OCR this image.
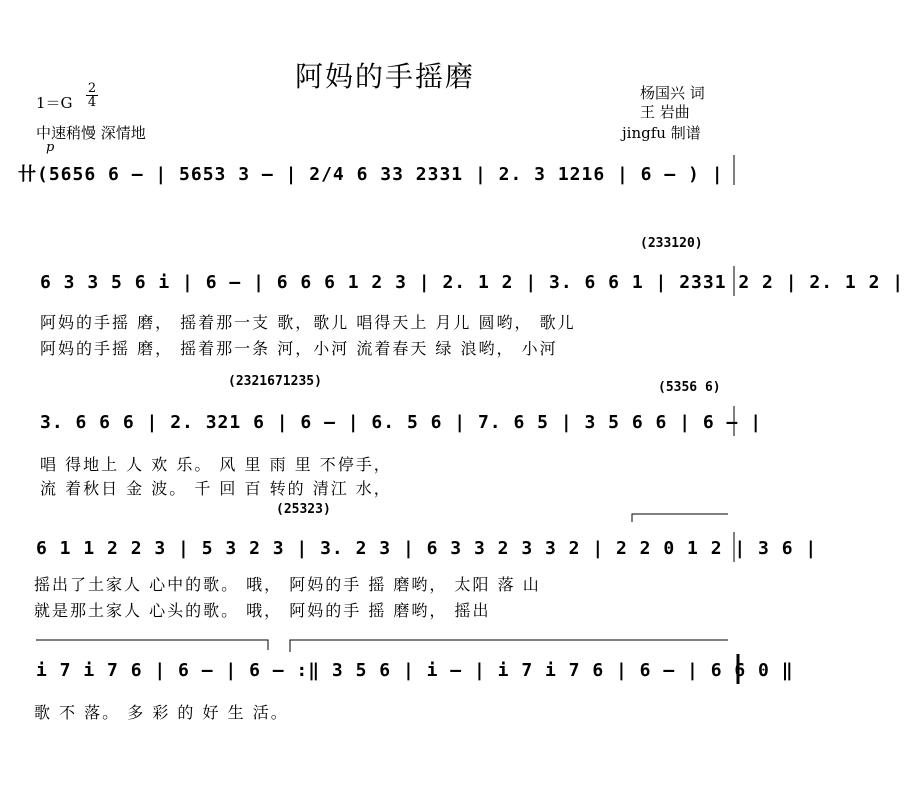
阿妈的手摇磨
1＝G
2
4
中速稍慢 深情地
p
杨国兴 词
王 岩曲
jingfu 制谱
卄(5656 6 – | 5653 3 – | 2/4 6 33 2331 | 2. 3 1216 | 6 – ) |
(233120)
6 3 3 5 6 i | 6 – | 6 6 6 1 2 3 | 2. 1 2 | 3. 6 6 1 | 2331 2 2 | 2. 1 2 |
阿妈的手摇 磨， 摇着那一支 歌，歌儿 唱得天上 月儿 圆哟， 歌儿
阿妈的手摇 磨， 摇着那一条 河，小河 流着春天 绿 浪哟， 小河
(2321671235)	(5356 6)
3. 6 6 6 | 2. 321 6 | 6 – | 6. 5 6 | 7. 6 5 | 3 5 6 6 | 6 – |
唱 得地上 人 欢 乐。 风 里 雨 里 不停手，
流 着秋日 金 波。 千 回 百 转的 清江 水，
(25323)
6 1 1 2 2 3 | 5 3 2 3 | 3. 2 3 | 6 3 3 2 3 3 2 | 2 2 0 1 2 | 3 6 |
摇出了土家人 心中的歌。 哦， 阿妈的手 摇 磨哟， 太阳 落 山
就是那土家人 心头的歌。 哦， 阿妈的手 摇 磨哟， 摇出
i 7 i 7 6 | 6 – | 6 – :‖ 3 5 6 | i – | i 7 i 7 6 | 6 – | 6 6 0 ‖
歌 不 落。 多 彩 的 好 生 活。
